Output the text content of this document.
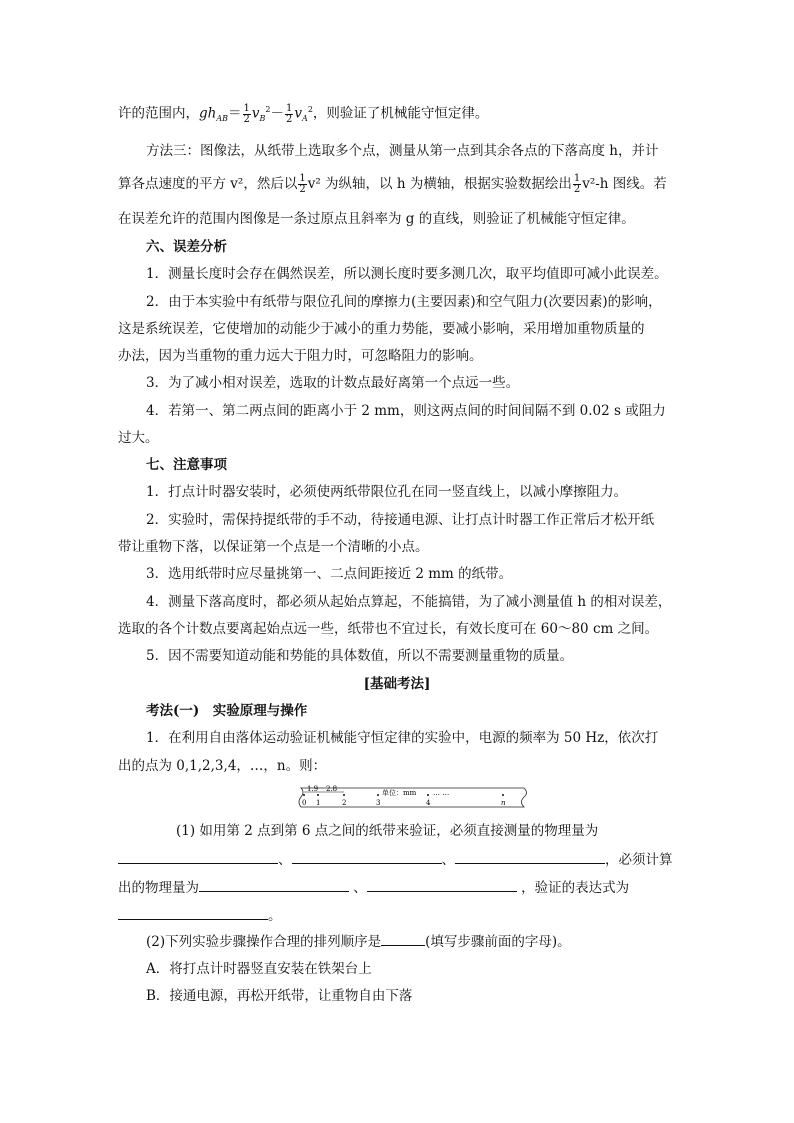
许的范围内，$gh_{AB}= \frac{1}{2} v_B^2- \frac{1}{2} v_A^2$，则验证了机械能守恒定律。
方法三：图像法，从纸带上选取多个点，测量从第一点到其余各点的下落高度 h，并计
算各点速度的平方 v²，然后以 $\frac{1}{2} v^2$ 为纵轴，以 h 为横轴，根据实验数据绘出 $\frac{1}{2} v^2-h$ 图线。若
在误差允许的范围内图像是一条过原点且斜率为 g 的直线，则验证了机械能守恒定律。
六、误差分析
1．测量长度时会存在偶然误差，所以测长度时要多测几次，取平均值即可减小此误差。
2．由于本实验中有纸带与限位孔间的摩擦力(主要因素)和空气阻力(次要因素)的影响，
这是系统误差，它使增加的动能少于减小的重力势能，要减小影响，采用增加重物质量的
办法，因为当重物的重力远大于阻力时，可忽略阻力的影响。
3．为了减小相对误差，选取的计数点最好离第一个点远一些。
4．若第一、第二两点间的距离小于 2 mm，则这两点间的时间间隔不到 0.02 s 或阻力
过大。
七、注意事项
1．打点计时器安装时，必须使两纸带限位孔在同一竖直线上，以减小摩擦阻力。
2．实验时，需保持提纸带的手不动，待接通电源、让打点计时器工作正常后才松开纸
带让重物下落，以保证第一个点是一个清晰的小点。
3．选用纸带时应尽量挑第一、二点间距接近 2 mm 的纸带。
4．测量下落高度时，都必须从起始点算起，不能搞错，为了减小测量值 h 的相对误差，
选取的各个计数点要离起始点远一些，纸带也不宜过长，有效长度可在 60～80 cm 之间。
5．因不需要知道动能和势能的具体数值，所以不需要测量重物的质量。
[基础考法]
考法(一)　实验原理与操作
1．在利用自由落体运动验证机械能守恒定律的实验中，电源的频率为 50 Hz，依次打
出的点为 0,1,2,3,4，…，n。则：
1.9 2.8	单位：mm … …
0 1	2	3	4	n
(1) 如用第 2 点到第 6 点之间的纸带来验证，必须直接测量的物理量为
、	、	，必须计算
出的物理量为	、	，验证的表达式为
。
(2)下列实验步骤操作合理的排列顺序是	(填写步骤前面的字母)。
A．将打点计时器竖直安装在铁架台上
B．接通电源，再松开纸带，让重物自由下落
